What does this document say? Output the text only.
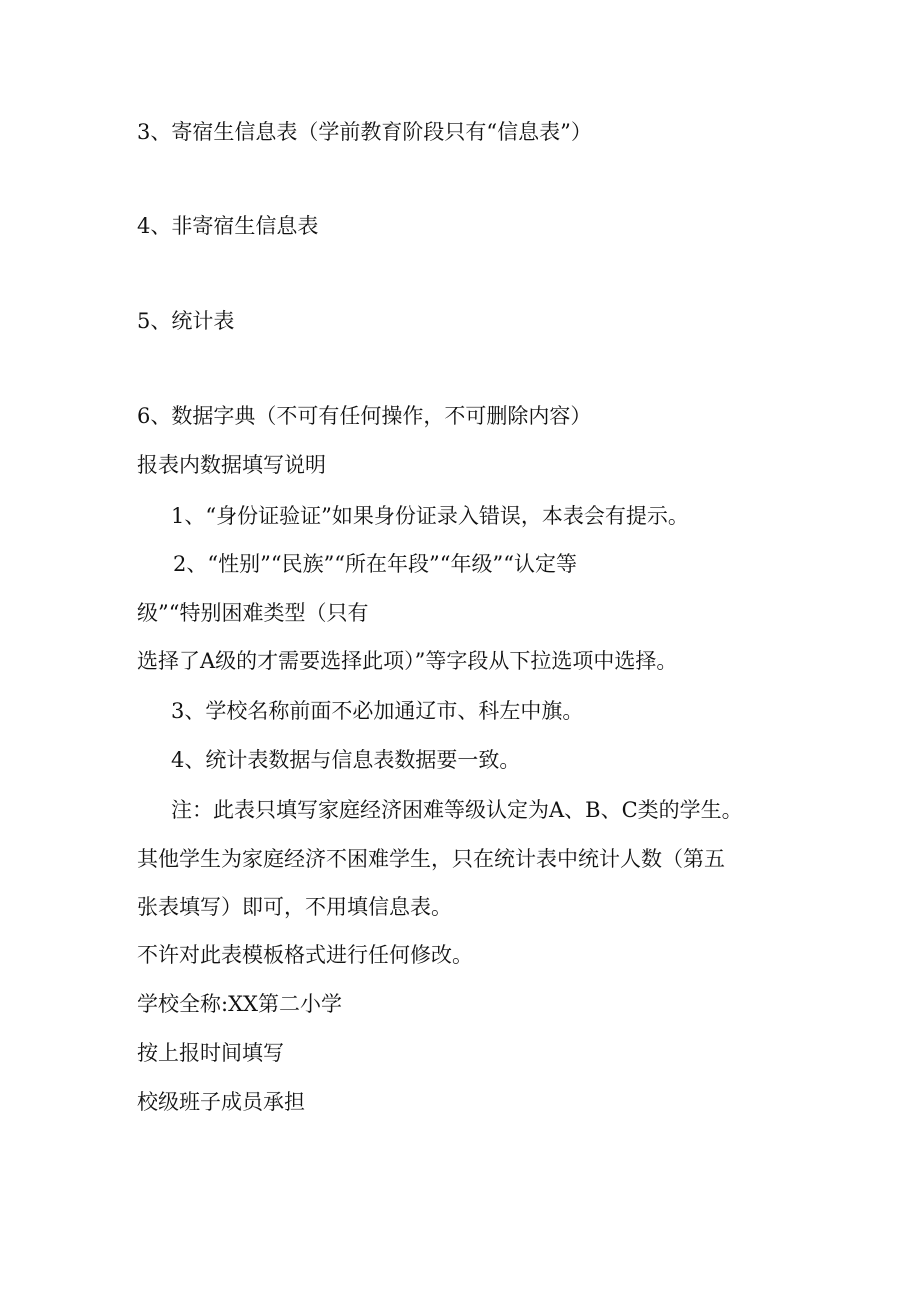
3、寄宿生信息表（学前教育阶段只有“信息表”）
4、非寄宿生信息表
5、统计表
6、数据字典（不可有任何操作，不可删除内容）
报表内数据填写说明
1、“身份证验证”如果身份证录入错误，本表会有提示。
2、“性别”“民族”“所在年段”“年级”“认定等
级”“特别困难类型（只有
选择了A级的才需要选择此项）”等字段从下拉选项中选择。
3、学校名称前面不必加通辽市、科左中旗。
4、统计表数据与信息表数据要一致。
注：此表只填写家庭经济困难等级认定为A、B、C类的学生。
其他学生为家庭经济不困难学生，只在统计表中统计人数（第五
张表填写）即可，不用填信息表。
不许对此表模板格式进行任何修改。
学校全称:XX第二小学
按上报时间填写
校级班子成员承担
